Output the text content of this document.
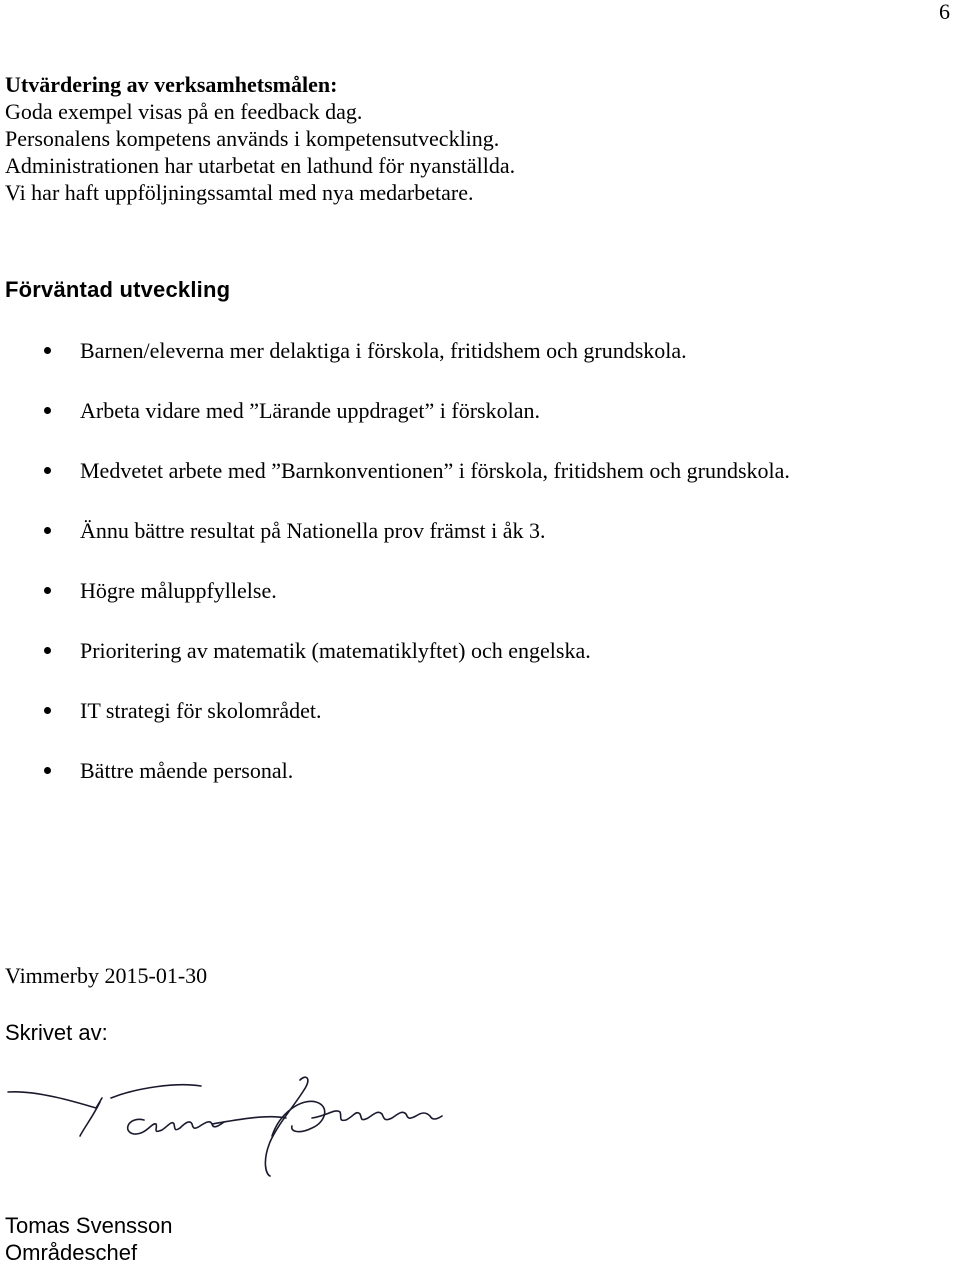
6
Utvärdering av verksamhetsmålen:
Goda exempel visas på en feedback dag.
Personalens kompetens används i kompetensutveckling.
Administrationen har utarbetat en lathund för nyanställda.
Vi har haft uppföljningssamtal med nya medarbetare.
Förväntad utveckling
Barnen/eleverna mer delaktiga i förskola, fritidshem och grundskola.
Arbeta vidare med ”Lärande uppdraget” i förskolan.
Medvetet arbete med ”Barnkonventionen” i förskola, fritidshem och grundskola.
Ännu bättre resultat på Nationella prov främst i åk 3.
Högre måluppfyllelse.
Prioritering av matematik (matematiklyftet) och engelska.
IT strategi för skolområdet.
Bättre mående personal.
Vimmerby 2015-01-30
Skrivet av:
Tomas Svensson
Områdeschef
